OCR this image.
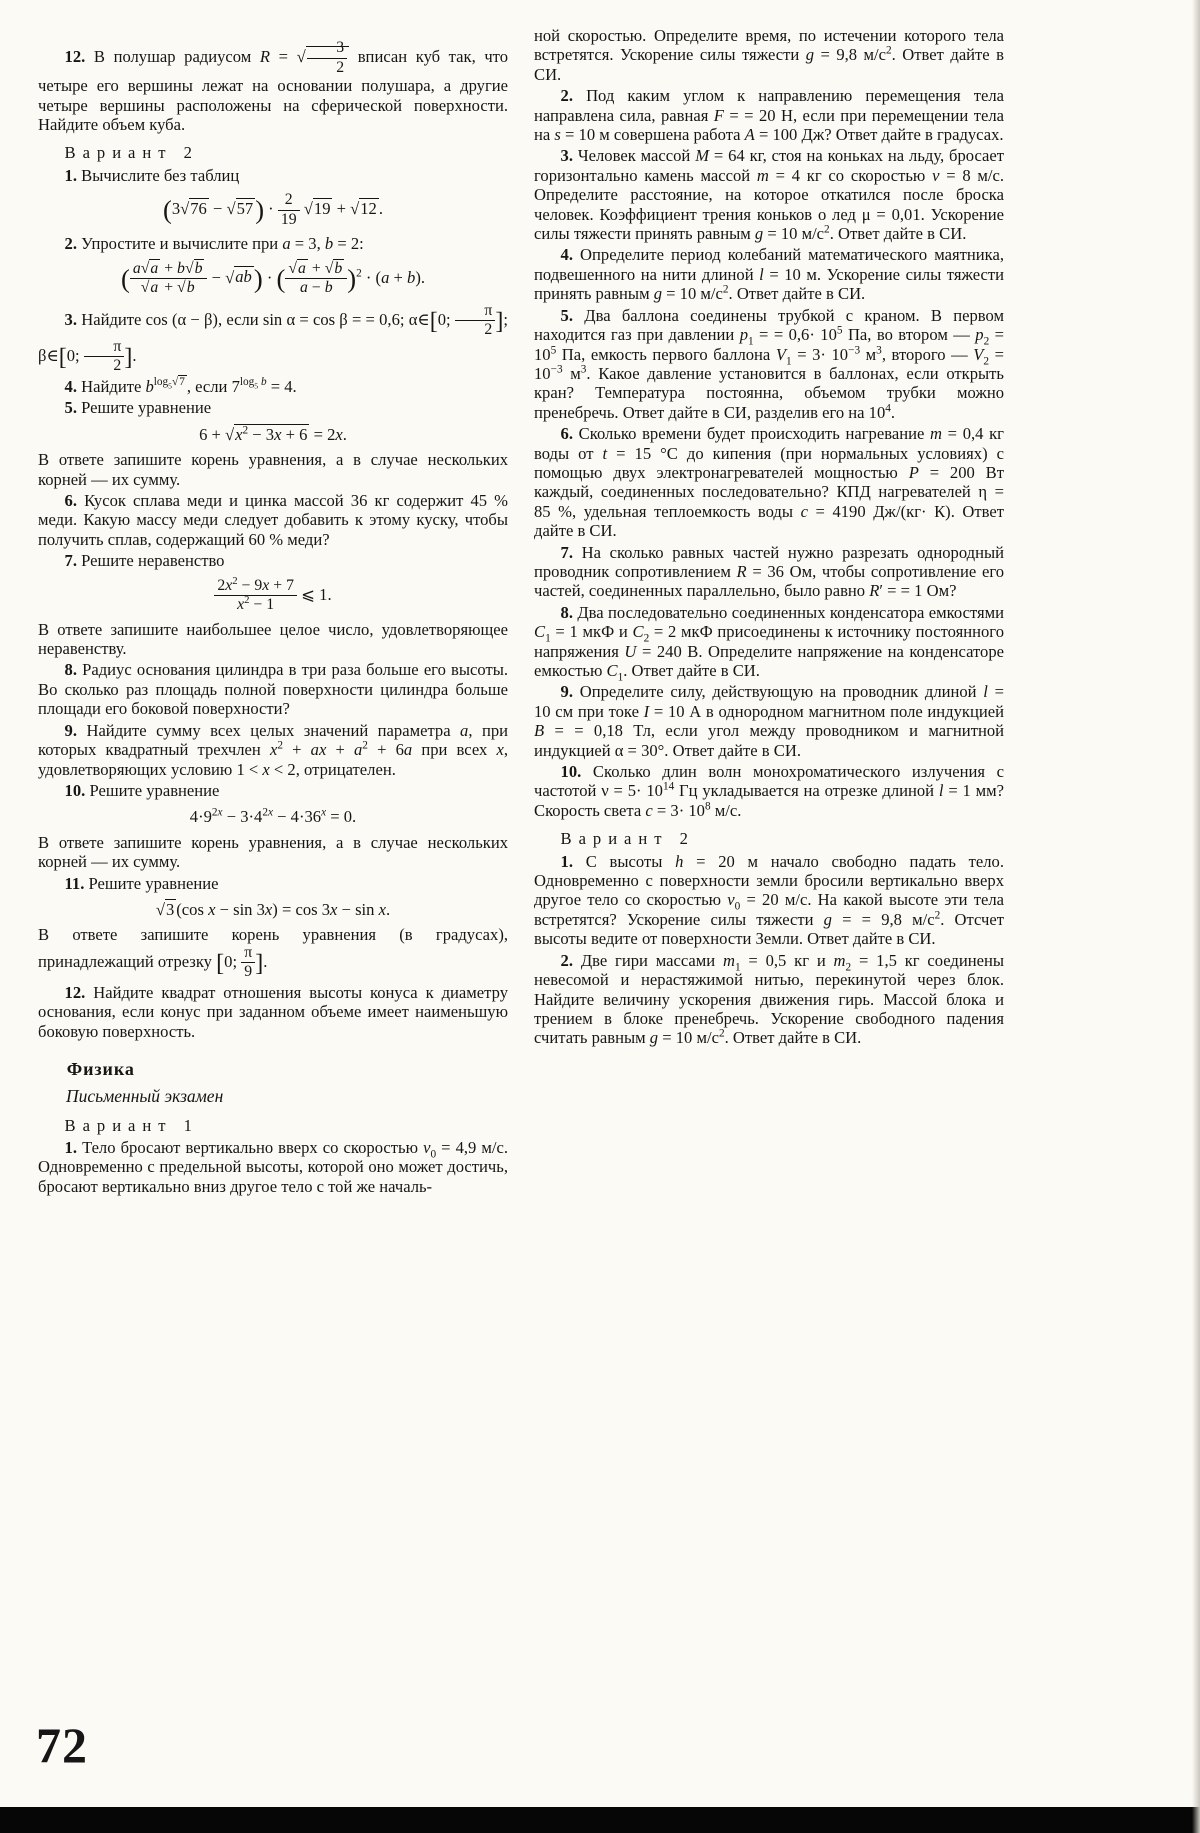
12. В полушар радиусом R = √ $\frac{3}{2}$ вписан куб так, что четыре его вершины лежат на основании полушара, а другие четыре вершины расположены на сферической поверхности. Найдите объем куба.
Вариант 2
1. Вычислите без таблиц
$(3√76 - √57) \cdot \frac{2}{19} √19 + √12$ .
2. Упростите и вычислите при a = 3, b = 2:
( $\frac{a√a + b√b}{√a + √b} - √ab$) · ( $\frac{√a + √b}{a - b} )^2 \cdot (a + b)$.
3. Найдите cos (α − β), если sin α = cos β = = 0,6; α∈[0; $\frac{\pi}{2}$ ]; β∈[0; $\frac{\pi}{2}$ ].
4. Найдите $b^{log_5√7}$ , если $7^{log_5 b} = 4$.
5. Решите уравнение
$6 + √x^2 - 3x + 6 = 2x$.
В ответе запишите корень уравнения, а в случае нескольких корней — их сумму.
6. Кусок сплава меди и цинка массой 36 кг содержит 45 % меди. Какую массу меди следует добавить к этому куску, чтобы получить сплав, содержащий 60 % меди?
7. Решите неравенство
$\frac{2x^2 - 9x + 7}{x^2 - 1}$ ⩽ 1.
В ответе запишите наибольшее целое число, удовлетворяющее неравенству.
8. Радиус основания цилиндра в три раза больше его высоты. Во сколько раз площадь полной поверхности цилиндра больше площади его боковой поверхности?
9. Найдите сумму всех целых значений параметра a, при которых квадратный трехчлен $x^2$ + ax + $a^2 + 6a$ при всех x, удовлетворяющих условию 1 < x < 2, отрицателен.
10. Решите уравнение
$4\cdot 9^{2x} - 3\cdot 4^{2x} - 4\cdot 36^x = 0$.
В ответе запишите корень уравнения, а в случае нескольких корней — их сумму.
11. Решите уравнение
√3 (cos x − sin 3x) = cos 3x − sin x.
В ответе запишите корень уравнения (в градусах), принадлежащий отрезку [0; $\frac{\pi}{9}$ ].
12. Найдите квадрат отношения высоты конуса к диаметру основания, если конус при заданном объеме имеет наименьшую боковую поверхность.
Физика
Письменный экзамен
Вариант 1
1. Тело бросают вертикально вверх со скоростью $v_0 = 4,9$ м/с. Одновременно с предельной высоты, которой оно может достичь, бросают вертикально вниз другое тело с той же началь-
ной скоростью. Определите время, по истечении которого тела встретятся. Ускорение силы тяжести g = 9,8 $м/с^2$. Ответ дайте в СИ.
2. Под каким углом к направлению перемещения тела направлена сила, равная F = = 20 Н, если при перемещении тела на s = 10 м совершена работа A = 100 Дж? Ответ дайте в градусах.
3. Человек массой M = 64 кг, стоя на коньках на льду, бросает горизонтально камень массой m = 4 кг со скоростью v = 8 м/с. Определите расстояние, на которое откатился после броска человек. Коэффициент трения коньков о лед μ = 0,01. Ускорение силы тяжести принять равным g = 10 $м/с^2$. Ответ дайте в СИ.
4. Определите период колебаний математического маятника, подвешенного на нити длиной l = 10 м. Ускорение силы тяжести принять равным g = 10 $м/с^2$. Ответ дайте в СИ.
5. Два баллона соединены трубкой с краном. В первом находится газ при давлении $p_1$ = = $0,6\cdot 10^5$ Па, во втором — $p_2 = 10^5$ Па, емкость первого баллона $V_1 = 3\cdot 10^{-3}$ $м^3$, второго — $V_2 = 10^{-3}$ $м^3$. Какое давление установится в баллонах, если открыть кран? Температура постоянна, объемом трубки можно пренебречь. Ответ дайте в СИ, разделив его на $10^4$.
6. Сколько времени будет происходить нагревание m = 0,4 кг воды от t = 15 °С до кипения (при нормальных условиях) с помощью двух электронагревателей мощностью P = 200 Вт каждый, соединенных последовательно? КПД нагревателей η = 85 %, удельная теплоемкость воды c = 4190 Дж/(кг· К). Ответ дайте в СИ.
7. На сколько равных частей нужно разрезать однородный проводник сопротивлением R = 36 Ом, чтобы сопротивление его частей, соединенных параллельно, было равно R′ = = 1 Ом?
8. Два последовательно соединенных конденсатора емкостями $C_1 = 1$ мкФ и $C_2 = 2$ мкФ присоединены к источнику постоянного напряжения U = 240 В. Определите напряжение на конденсаторе емкостью $C_1$. Ответ дайте в СИ.
9. Определите силу, действующую на проводник длиной l = 10 см при токе I = 10 А в однородном магнитном поле индукцией B = = 0,18 Тл, если угол между проводником и магнитной индукцией α = 30°. Ответ дайте в СИ.
10. Сколько длин волн монохроматического излучения с частотой $\nu = 5\cdot 10^{14}$ Гц укладывается на отрезке длиной l = 1 мм? Скорость света $c = 3\cdot 10^8$ м/с.
Вариант 2
1. С высоты h = 20 м начало свободно падать тело. Одновременно с поверхности земли бросили вертикально вверх другое тело со скоростью $v_0 = 20$ м/с. На какой высоте эти тела встретятся? Ускорение силы тяжести g = = 9,8 $м/с^2$. Отсчет высоты ведите от поверхности Земли. Ответ дайте в СИ.
2. Две гири массами $m_1 = 0,5$ кг и $m_2 = 1,5$ кг соединены невесомой и нерастяжимой нитью, перекинутой через блок. Найдите величину ускорения движения гирь. Массой блока и трением в блоке пренебречь. Ускорение свободного падения считать равным g = 10 $м/с^2$. Ответ дайте в СИ.
72
